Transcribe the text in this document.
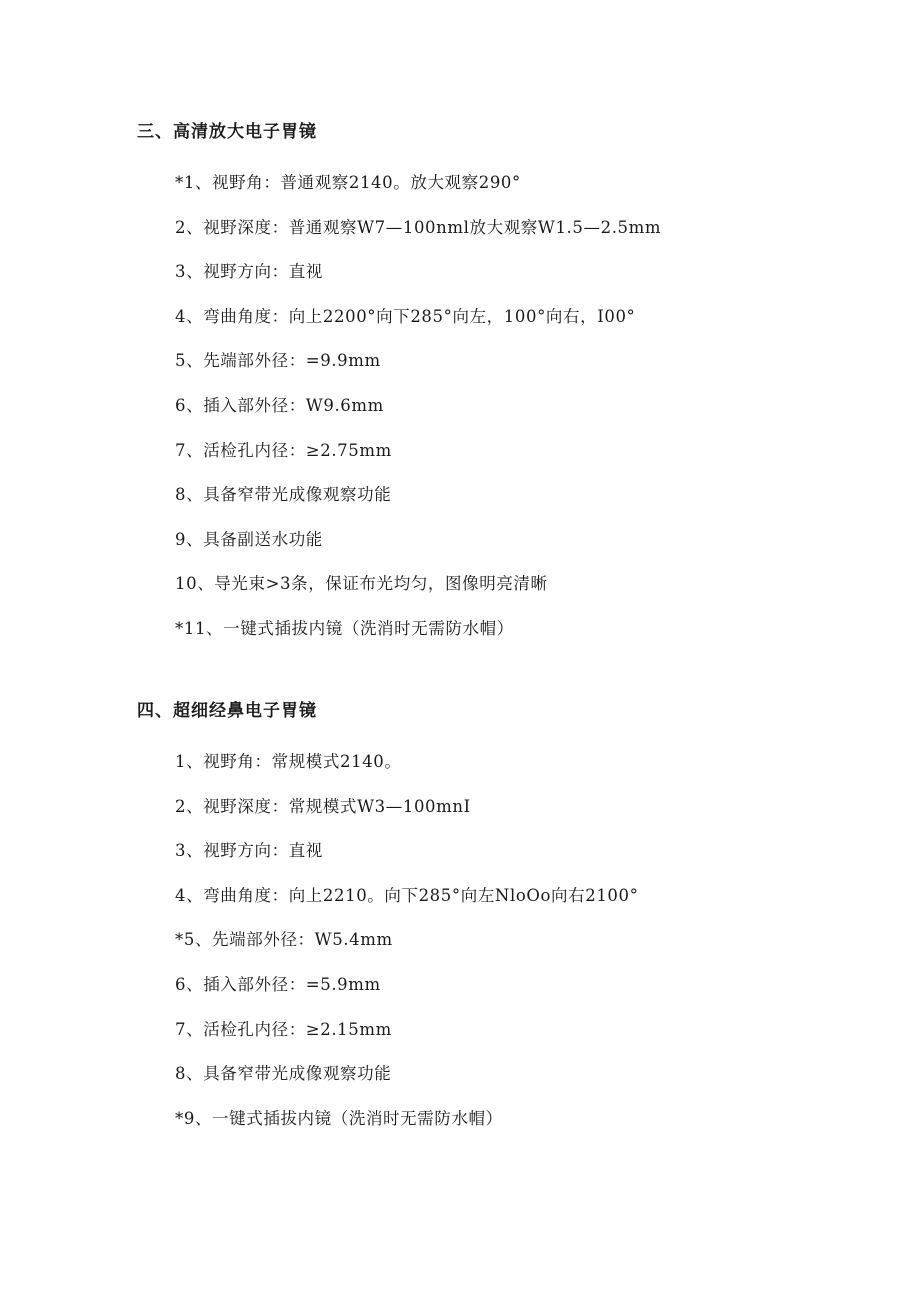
三、高清放大电子胃镜
*1、视野角：普通观察2140。放大观察290°
2、视野深度：普通观察W7—100nml放大观察W1.5—2.5mm
3、视野方向：直视
4、弯曲角度：向上2200°向下285°向左，100°向右，I00°
5、先端部外径：=9.9mm
6、插入部外径：W9.6mm
7、活检孔内径：≥2.75mm
8、具备窄带光成像观察功能
9、具备副送水功能
10、导光束>3条，保证布光均匀，图像明亮清晰
*11、一键式插拔内镜（洗消时无需防水帽）
四、超细经鼻电子胃镜
1、视野角：常规模式2140。
2、视野深度：常规模式W3—100mnI
3、视野方向：直视
4、弯曲角度：向上2210。向下285°向左NloOo向右2100°
*5、先端部外径：W5.4mm
6、插入部外径：=5.9mm
7、活检孔内径：≥2.15mm
8、具备窄带光成像观察功能
*9、一键式插拔内镜（洗消时无需防水帽）
